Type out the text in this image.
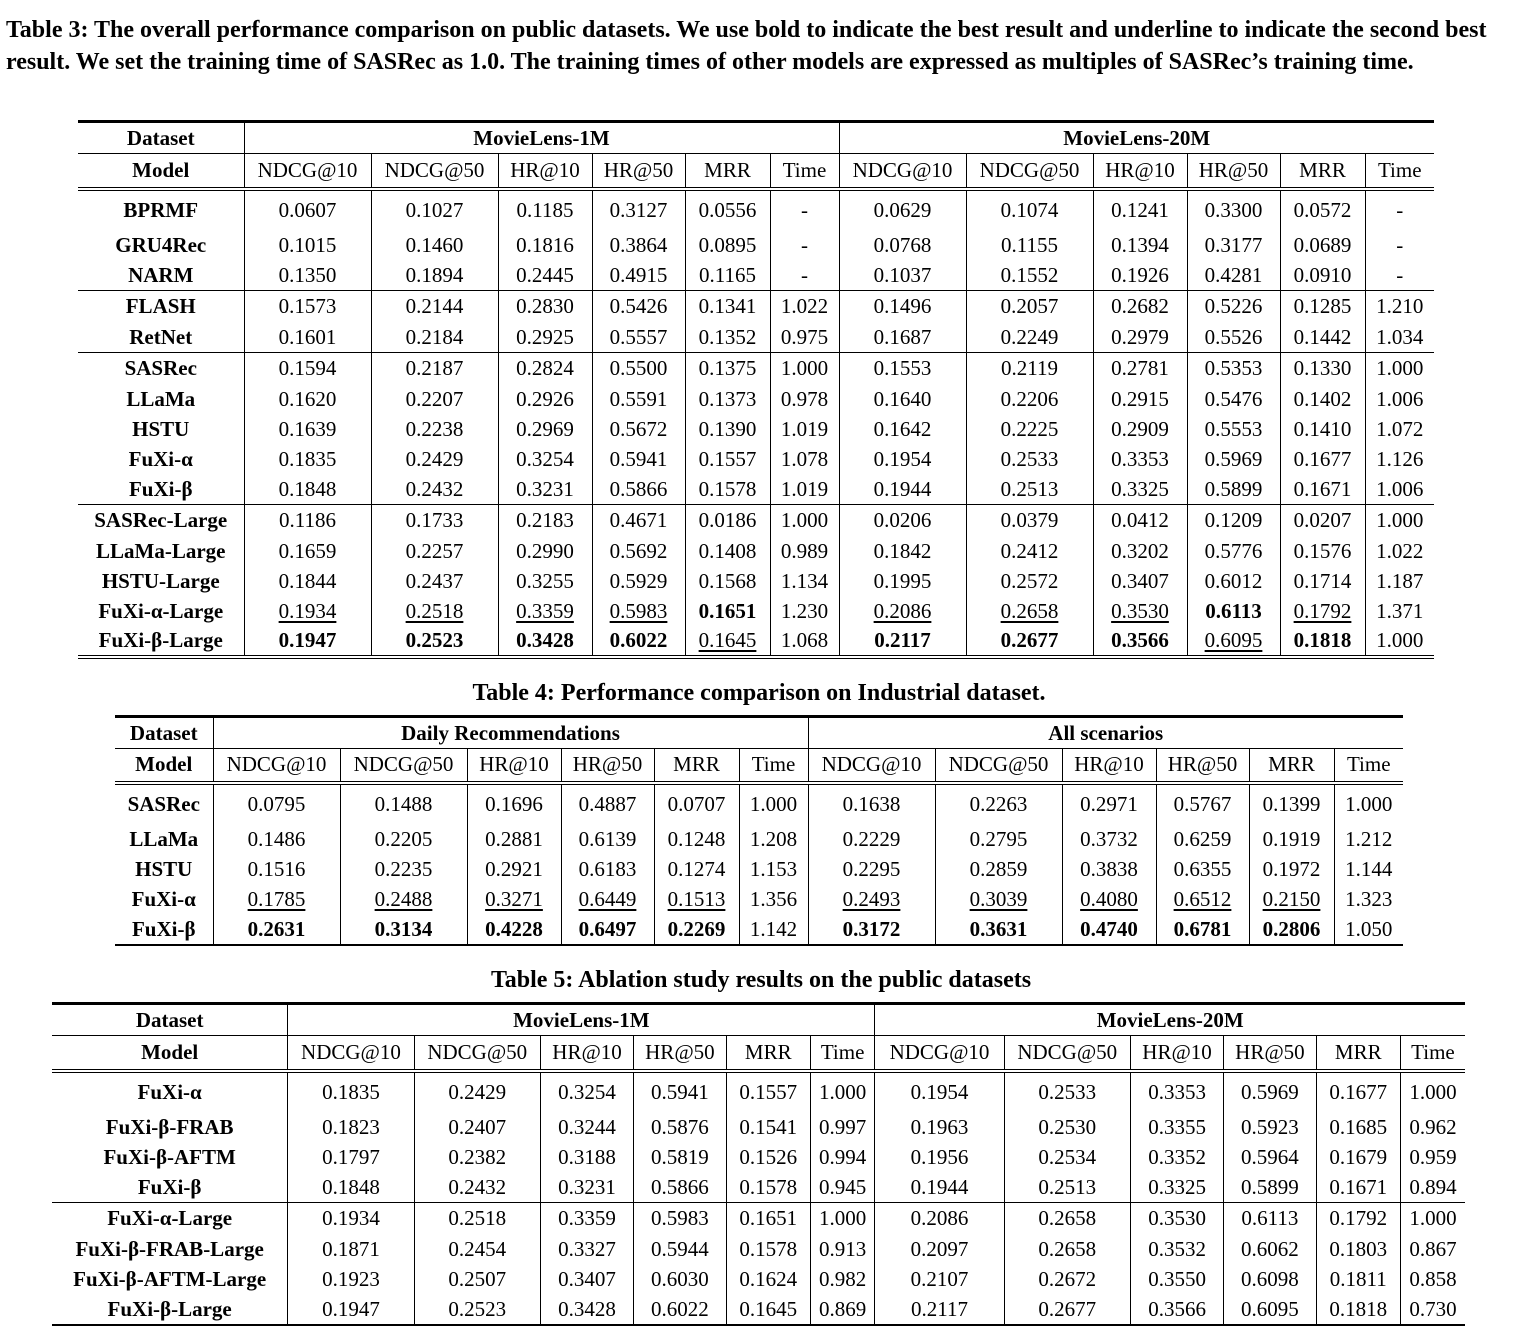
Table 3: The overall performance comparison on public datasets. We use bold to indicate the best result and underline to indicate the second best result. We set the training time of SASRec as 1.0. The training times of other models are expressed as multiples of SASRec’s training time.
Dataset	MovieLens-1M						MovieLens-20M					
Model	NDCG@10	NDCG@50	HR@10	HR@50	MRR	Time	NDCG@10	NDCG@50	HR@10	HR@50	MRR	Time
BPRMF	0.0607	0.1027	0.1185	0.3127	0.0556	-	0.0629	0.1074	0.1241	0.3300	0.0572	-
GRU4Rec	0.1015	0.1460	0.1816	0.3864	0.0895	-	0.0768	0.1155	0.1394	0.3177	0.0689	-
NARM	0.1350	0.1894	0.2445	0.4915	0.1165	-	0.1037	0.1552	0.1926	0.4281	0.0910	-
FLASH	0.1573	0.2144	0.2830	0.5426	0.1341	1.022	0.1496	0.2057	0.2682	0.5226	0.1285	1.210
RetNet	0.1601	0.2184	0.2925	0.5557	0.1352	0.975	0.1687	0.2249	0.2979	0.5526	0.1442	1.034
SASRec	0.1594	0.2187	0.2824	0.5500	0.1375	1.000	0.1553	0.2119	0.2781	0.5353	0.1330	1.000
LLaMa	0.1620	0.2207	0.2926	0.5591	0.1373	0.978	0.1640	0.2206	0.2915	0.5476	0.1402	1.006
HSTU	0.1639	0.2238	0.2969	0.5672	0.1390	1.019	0.1642	0.2225	0.2909	0.5553	0.1410	1.072
FuXi-α	0.1835	0.2429	0.3254	0.5941	0.1557	1.078	0.1954	0.2533	0.3353	0.5969	0.1677	1.126
FuXi-β	0.1848	0.2432	0.3231	0.5866	0.1578	1.019	0.1944	0.2513	0.3325	0.5899	0.1671	1.006
SASRec-Large	0.1186	0.1733	0.2183	0.4671	0.0186	1.000	0.0206	0.0379	0.0412	0.1209	0.0207	1.000
LLaMa-Large	0.1659	0.2257	0.2990	0.5692	0.1408	0.989	0.1842	0.2412	0.3202	0.5776	0.1576	1.022
HSTU-Large	0.1844	0.2437	0.3255	0.5929	0.1568	1.134	0.1995	0.2572	0.3407	0.6012	0.1714	1.187
FuXi-α-Large	0.1934	0.2518	0.3359	0.5983	0.1651	1.230	0.2086	0.2658	0.3530	0.6113	0.1792	1.371
FuXi-β-Large	0.1947	0.2523	0.3428	0.6022	0.1645	1.068	0.2117	0.2677	0.3566	0.6095	0.1818	1.000
Table 4: Performance comparison on Industrial dataset.
Dataset	Daily Recommendations						All scenarios					
Model	NDCG@10	NDCG@50	HR@10	HR@50	MRR	Time	NDCG@10	NDCG@50	HR@10	HR@50	MRR	Time
SASRec	0.0795	0.1488	0.1696	0.4887	0.0707	1.000	0.1638	0.2263	0.2971	0.5767	0.1399	1.000
LLaMa	0.1486	0.2205	0.2881	0.6139	0.1248	1.208	0.2229	0.2795	0.3732	0.6259	0.1919	1.212
HSTU	0.1516	0.2235	0.2921	0.6183	0.1274	1.153	0.2295	0.2859	0.3838	0.6355	0.1972	1.144
FuXi-α	0.1785	0.2488	0.3271	0.6449	0.1513	1.356	0.2493	0.3039	0.4080	0.6512	0.2150	1.323
FuXi-β	0.2631	0.3134	0.4228	0.6497	0.2269	1.142	0.3172	0.3631	0.4740	0.6781	0.2806	1.050
Table 5: Ablation study results on the public datasets
Dataset	MovieLens-1M						MovieLens-20M					
Model	NDCG@10	NDCG@50	HR@10	HR@50	MRR	Time	NDCG@10	NDCG@50	HR@10	HR@50	MRR	Time
FuXi-α	0.1835	0.2429	0.3254	0.5941	0.1557	1.000	0.1954	0.2533	0.3353	0.5969	0.1677	1.000
FuXi-β-FRAB	0.1823	0.2407	0.3244	0.5876	0.1541	0.997	0.1963	0.2530	0.3355	0.5923	0.1685	0.962
FuXi-β-AFTM	0.1797	0.2382	0.3188	0.5819	0.1526	0.994	0.1956	0.2534	0.3352	0.5964	0.1679	0.959
FuXi-β	0.1848	0.2432	0.3231	0.5866	0.1578	0.945	0.1944	0.2513	0.3325	0.5899	0.1671	0.894
FuXi-α-Large	0.1934	0.2518	0.3359	0.5983	0.1651	1.000	0.2086	0.2658	0.3530	0.6113	0.1792	1.000
FuXi-β-FRAB-Large	0.1871	0.2454	0.3327	0.5944	0.1578	0.913	0.2097	0.2658	0.3532	0.6062	0.1803	0.867
FuXi-β-AFTM-Large	0.1923	0.2507	0.3407	0.6030	0.1624	0.982	0.2107	0.2672	0.3550	0.6098	0.1811	0.858
FuXi-β-Large	0.1947	0.2523	0.3428	0.6022	0.1645	0.869	0.2117	0.2677	0.3566	0.6095	0.1818	0.730
